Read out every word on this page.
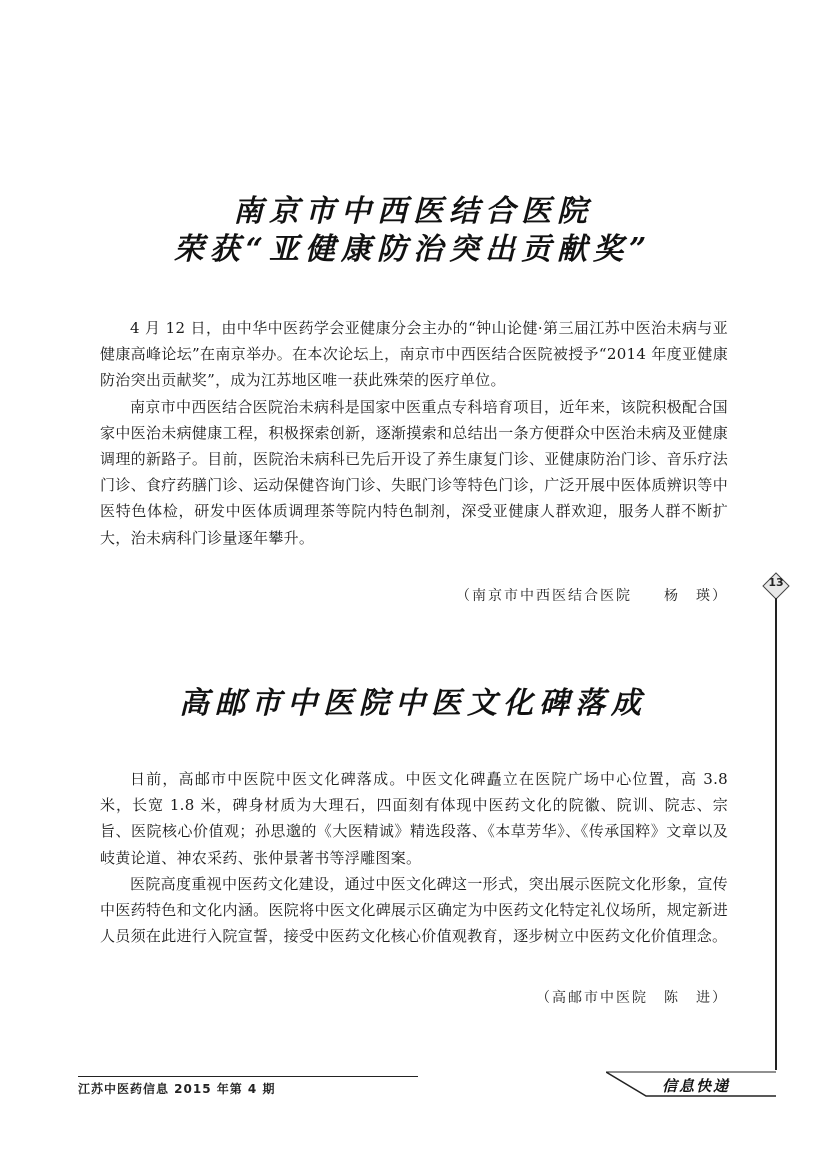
南京市中西医结合医院
荣获“亚健康防治突出贡献奖”

4 月 12 日，由中华中医药学会亚健康分会主办的“钟山论健·第三届江苏中医治未病与亚健康高峰论坛”在南京举办。在本次论坛上，南京市中西医结合医院被授予“2014 年度亚健康防治突出贡献奖”，成为江苏地区唯一获此殊荣的医疗单位。

南京市中西医结合医院治未病科是国家中医重点专科培育项目，近年来，该院积极配合国家中医治未病健康工程，积极探索创新，逐渐摸索和总结出一条方便群众中医治未病及亚健康调理的新路子。目前，医院治未病科已先后开设了养生康复门诊、亚健康防治门诊、音乐疗法门诊、食疗药膳门诊、运动保健咨询门诊、失眠门诊等特色门诊，广泛开展中医体质辨识等中医特色体检，研发中医体质调理茶等院内特色制剂，深受亚健康人群欢迎，服务人群不断扩大，治未病科门诊量逐年攀升。

（南京市中西医结合医院　　杨　瑛）
13
高邮市中医院中医文化碑落成

日前，高邮市中医院中医文化碑落成。中医文化碑矗立在医院广场中心位置，高 3.8 米，长宽 1.8 米，碑身材质为大理石，四面刻有体现中医药文化的院徽、院训、院志、宗旨、医院核心价值观；孙思邈的《大医精诚》精选段落、《本草芳华》、《传承国粹》文章以及岐黄论道、神农采药、张仲景著书等浮雕图案。

医院高度重视中医药文化建设，通过中医文化碑这一形式，突出展示医院文化形象，宣传中医药特色和文化内涵。医院将中医文化碑展示区确定为中医药文化特定礼仪场所，规定新进人员须在此进行入院宣誓，接受中医药文化核心价值观教育，逐步树立中医药文化价值理念。

（高邮市中医院　陈　进）
江苏中医药信息 2015 年第 4 期	信息快递
